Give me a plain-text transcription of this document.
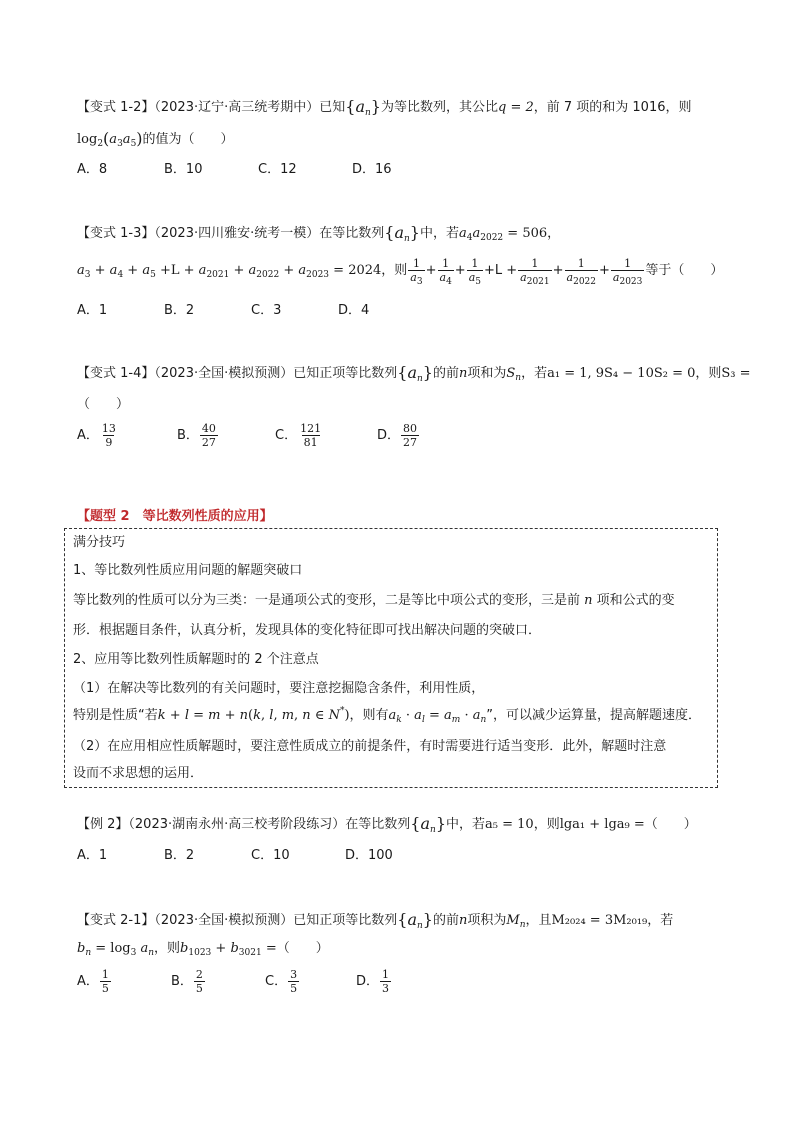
【变式 1-2】（2023·辽宁·高三统考期中）已知$\{a_n\}$为等比数列，其公比q = 2，前 7 项的和为 1016，则
$\log_2(a_3a_5)$的值为（　　）
A．8	B．10	C．12	D．16
【变式 1-3】（2023·四川雅安·统考一模）在等比数列$\{a_n\}$中，若$a_4a_{2022} = 506$，
$a_3 + a_4 + a_5 +L + a_{2021} + a_{2022} + a_{2023} = 2024$，则 $\frac{1}{a_3} + \frac{1}{a_4} + \frac{1}{a_5} +L + \frac{1}{a_{2021}} + \frac{1}{a_{2022}} + \frac{1}{a_{2023}}$ 等于（　　）
A．1	B．2	C．3	D．4
【变式 1-4】（2023·全国·模拟预测）已知正项等比数列$\{a_n\}$的前n项和为$S_n$，若a₁ = 1, 9S₄ − 10S₂ = 0，则S₃ =
（　　）
A． $\frac{13}{9}$	B． $\frac{40}{27}$	C． $\frac{121}{81}$	D． $\frac{80}{27}$
【题型 2　等比数列性质的应用】
满分技巧
1、等比数列性质应用问题的解题突破口
等比数列的性质可以分为三类：一是通项公式的变形，二是等比中项公式的变形，三是前 n 项和公式的变
形．根据题目条件，认真分析，发现具体的变化特征即可找出解决问题的突破口．
2、应用等比数列性质解题时的 2 个注意点
（1）在解决等比数列的有关问题时，要注意挖掘隐含条件，利用性质，
特别是性质“若k + l = m + n(k, l, m, n ∈ N*)，则有$a_k \cdot a_l = a_m \cdot a_n$”，可以减少运算量，提高解题速度．
（2）在应用相应性质解题时，要注意性质成立的前提条件，有时需要进行适当变形．此外，解题时注意
设而不求思想的运用．
【例 2】（2023·湖南永州·高三校考阶段练习）在等比数列$\{a_n\}$中，若a₅ = 10，则lga₁ + lga₉ =（　　）
A．1	B．2	C．10	D．100
【变式 2-1】（2023·全国·模拟预测）已知正项等比数列$\{a_n\}$的前n项积为$M_n$，且M₂₀₂₄ = 3M₂₀₁₉，若
$b_n = \log_3 a_n$，则$b_{1023} + b_{3021}$ =（　　）
A． $\frac{1}{5}$	B． $\frac{2}{5}$	C． $\frac{3}{5}$	D． $\frac{1}{3}$
